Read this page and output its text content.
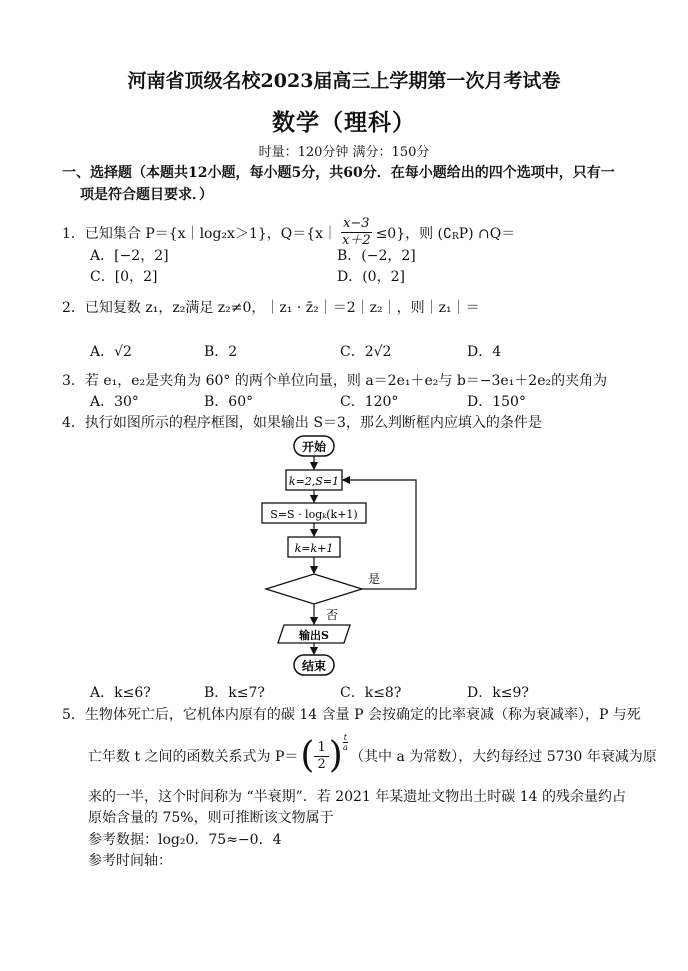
河南省顶级名校2023届高三上学期第一次月考试卷
数学（理科）
时量：120分钟 满分：150分
一、选择题（本题共12小题，每小题5分，共60分．在每小题给出的四个选项中，只有一
项是符合题目要求．）
1．已知集合 P＝{x｜log₂x＞1}，Q＝{x｜ $\frac{x-3}{x+2} \le 0$}，则 (∁ R P) ∩Q＝
A．[−2，2]	B．(−2，2]
C．[0，2]	D．(0，2]
2．已知复数 z₁，z₂满足 z₂≠0，｜z₁ · z̄₂｜＝2｜z₂｜，则｜z₁｜＝
A．√2	B．2	C．2√2	D．4
3．若 e₁，e₂是夹角为 60° 的两个单位向量，则 a＝2e₁＋e₂与 b＝−3e₁＋2e₂的夹角为
A．30°	B．60°	C．120°	D．150°
4．执行如图所示的程序框图，如果输出 S＝3，那么判断框内应填入的条件是
开始
k=2,S=1
S=S · logₖ(k+1)
k=k+1
是
否
输出S
结束
A．k≤6?	B．k≤7?	C．k≤8?	D．k≤9?
5．生物体死亡后，它机体内原有的碳 14 含量 P 会按确定的比率衰减（称为衰减率），P 与死
亡年数 t 之间的函数关系式为 P＝ ( $\frac{1}{2}$ ) $\frac{t}{a}$
（其中 a 为常数），大约每经过 5730 年衰减为原
来的一半，这个时间称为 “半衰期”．若 2021 年某遗址文物出土时碳 14 的残余量约占
原始含量的 75%，则可推断该文物属于
参考数据：log₂0．75≈−0．4
参考时间轴：
